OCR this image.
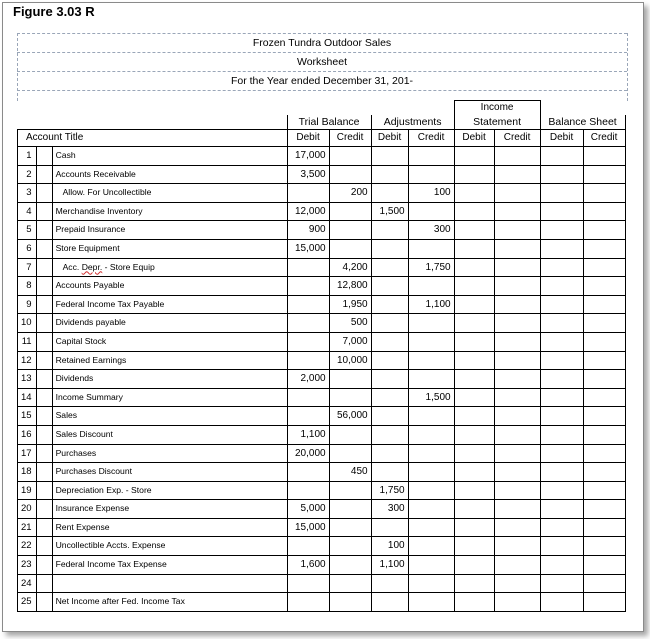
Figure 3.03 R
Frozen Tundra Outdoor Sales
Worksheet
For the Year ended December 31, 201-
							Income			
			Trial Balance		Adjustments		Statement		Balance Sheet	
Account Title			Debit	Credit	Debit	Credit	Debit	Credit	Debit	Credit
1		Cash	17,000							
2		Accounts Receivable	3,500							
3		Allow. For Uncollectible		200		100				
4		Merchandise Inventory	12,000		1,500					
5		Prepaid Insurance	900			300				
6		Store Equipment	15,000							
7		Acc. Depr. - Store Equip		4,200		1,750				
8		Accounts Payable		12,800						
9		Federal Income Tax Payable		1,950		1,100				
10		Dividends payable		500						
11		Capital Stock		7,000						
12		Retained Earnings		10,000						
13		Dividends	2,000							
14		Income Summary				1,500				
15		Sales		56,000						
16		Sales Discount	1,100							
17		Purchases	20,000							
18		Purchases Discount		450						
19		Depreciation Exp. - Store			1,750					
20		Insurance Expense	5,000		300					
21		Rent Expense	15,000							
22		Uncollectible Accts. Expense			100					
23		Federal Income Tax Expense	1,600		1,100					
24										
25		Net Income after Fed. Income Tax								
